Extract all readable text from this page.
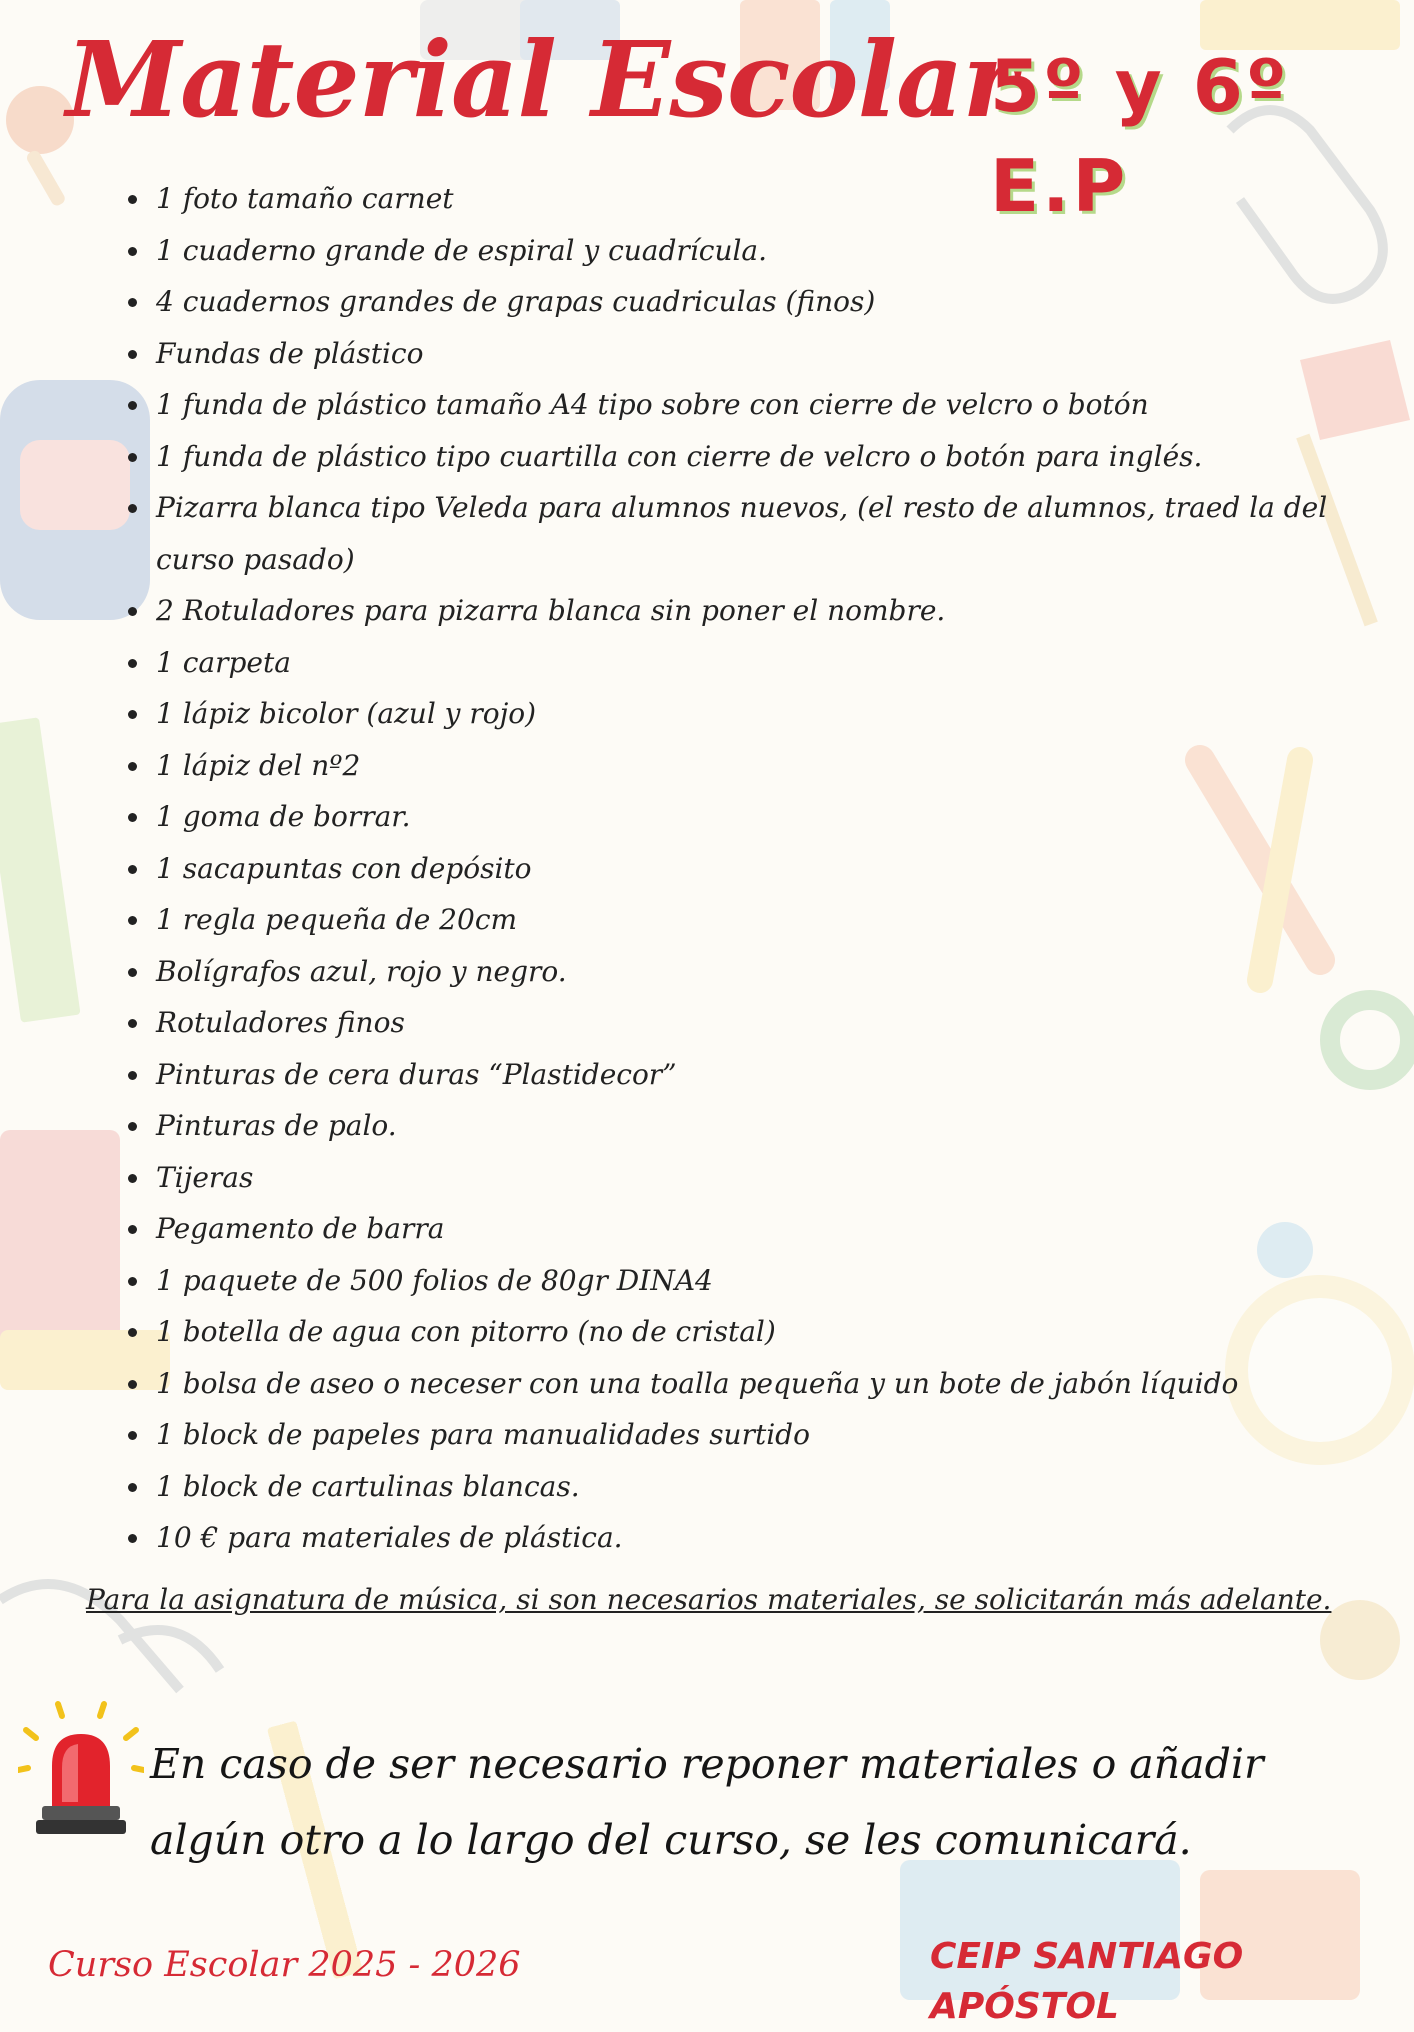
Material Escolar
5º y 6º E.P
• 1 foto tamaño carnet
• 1 cuaderno grande de espiral y cuadrícula.
• 4 cuadernos grandes de grapas cuadriculas (finos)
• Fundas de plástico
• 1 funda de plástico tamaño A4 tipo sobre con cierre de velcro o botón
• 1 funda de plástico tipo cuartilla con cierre de velcro o botón para inglés.
• Pizarra blanca tipo Veleda para alumnos nuevos, (el resto de alumnos, traed la del curso pasado)
• 2 Rotuladores para pizarra blanca sin poner el nombre.
• 1 carpeta
• 1 lápiz bicolor (azul y rojo)
• 1 lápiz del nº2
• 1 goma de borrar.
• 1 sacapuntas con depósito
• 1 regla pequeña de 20cm
• Bolígrafos azul, rojo y negro.
• Rotuladores finos
• Pinturas de cera duras “Plastidecor”
• Pinturas de palo.
• Tijeras
• Pegamento de barra
• 1 paquete de 500 folios de 80gr DINA4
• 1 botella de agua con pitorro (no de cristal)
• 1 bolsa de aseo o neceser con una toalla pequeña y un bote de jabón líquido
• 1 block de papeles para manualidades surtido
• 1 block de cartulinas blancas.
• 10 € para materiales de plástica.

Para la asignatura de música, si son necesarios materiales, se solicitarán más adelante.

En caso de ser necesario reponer materiales o añadir algún otro a lo largo del curso, se les comunicará.

Curso Escolar 2025 - 2026	CEIP SANTIAGO APÓSTOL
